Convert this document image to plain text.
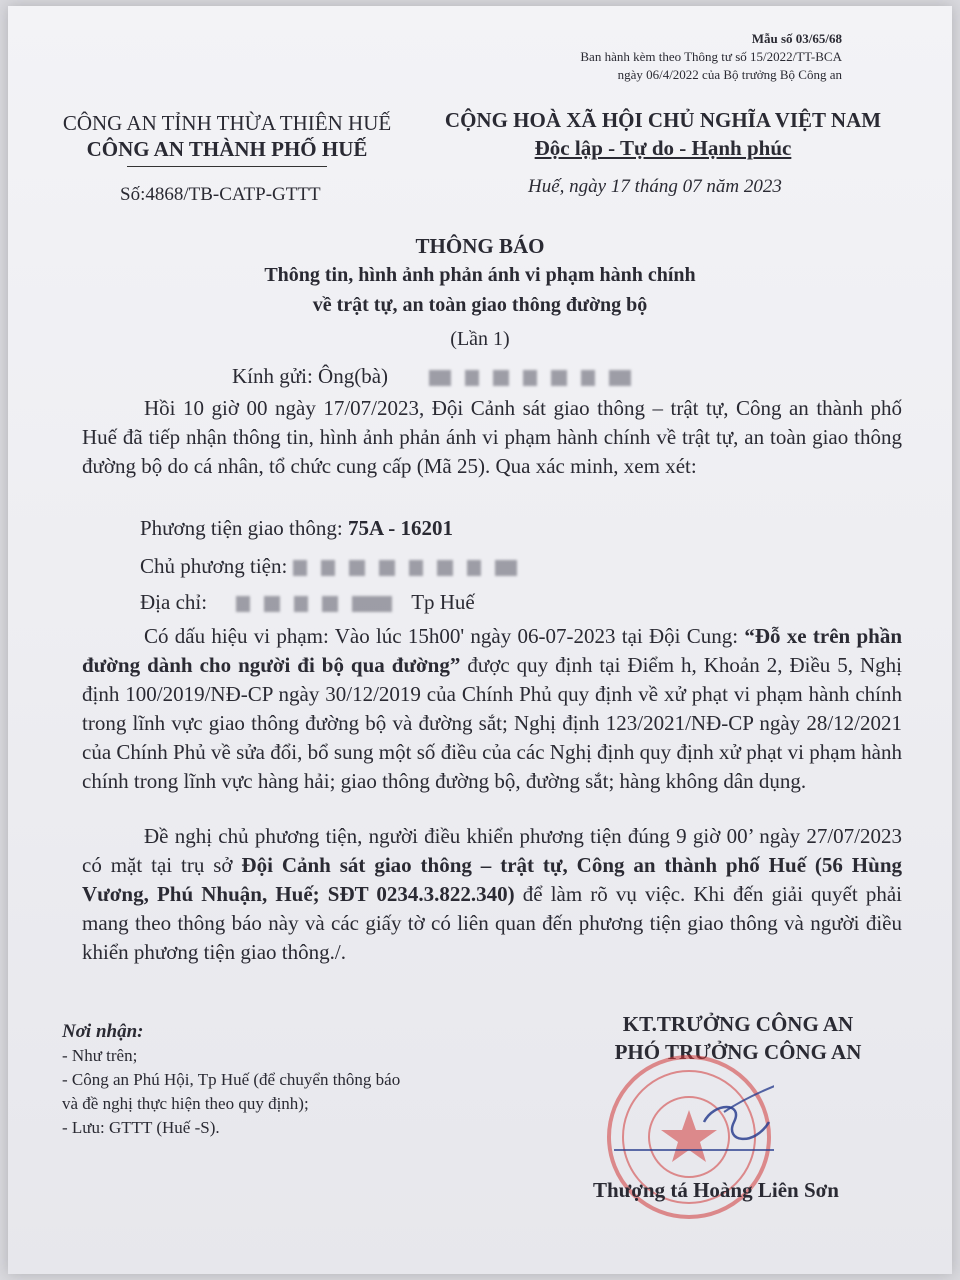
Mẫu số 03/65/68
Ban hành kèm theo Thông tư số 15/2022/TT-BCA
ngày 06/4/2022 của Bộ trưởng Bộ Công an
CÔNG AN TỈNH THỪA THIÊN HUẾ
CÔNG AN THÀNH PHỐ HUẾ
CỘNG HOÀ XÃ HỘI CHỦ NGHĨA VIỆT NAM
Độc lập - Tự do - Hạnh phúc
Số:4868/TB-CATP-GTTT	Huế, ngày 17 tháng 07 năm 2023
THÔNG BÁO
Thông tin, hình ảnh phản ánh vi phạm hành chính
về trật tự, an toàn giao thông đường bộ
(Lần 1)
Kính gửi: Ông(bà)
Hồi 10 giờ 00 ngày 17/07/2023, Đội Cảnh sát giao thông – trật tự, Công an thành phố Huế đã tiếp nhận thông tin, hình ảnh phản ánh vi phạm hành chính về trật tự, an toàn giao thông đường bộ do cá nhân, tổ chức cung cấp (Mã 25). Qua xác minh, xem xét:
Phương tiện giao thông: 75A - 16201
Chủ phương tiện:
Địa chỉ:	Tp Huế
Có dấu hiệu vi phạm: Vào lúc 15h00' ngày 06-07-2023 tại Đội Cung: “Đỗ xe trên phần đường dành cho người đi bộ qua đường” được quy định tại Điểm h, Khoản 2, Điều 5, Nghị định 100/2019/NĐ-CP ngày 30/12/2019 của Chính Phủ quy định về xử phạt vi phạm hành chính trong lĩnh vực giao thông đường bộ và đường sắt; Nghị định 123/2021/NĐ-CP ngày 28/12/2021 của Chính Phủ về sửa đổi, bổ sung một số điều của các Nghị định quy định xử phạt vi phạm hành chính trong lĩnh vực hàng hải; giao thông đường bộ, đường sắt; hàng không dân dụng.
Đề nghị chủ phương tiện, người điều khiển phương tiện đúng 9 giờ 00’ ngày 27/07/2023 có mặt tại trụ sở Đội Cảnh sát giao thông – trật tự, Công an thành phố Huế (56 Hùng Vương, Phú Nhuận, Huế; SĐT 0234.3.822.340) để làm rõ vụ việc. Khi đến giải quyết phải mang theo thông báo này và các giấy tờ có liên quan đến phương tiện giao thông và người điều khiển phương tiện giao thông./.
Nơi nhận:
- Như trên;
- Công an Phú Hội, Tp Huế (để chuyển thông báo
và đề nghị thực hiện theo quy định);
- Lưu: GTTT (Huế -S).
KT.TRƯỞNG CÔNG AN
PHÓ TRƯỞNG CÔNG AN
Thượng tá Hoàng Liên Sơn
